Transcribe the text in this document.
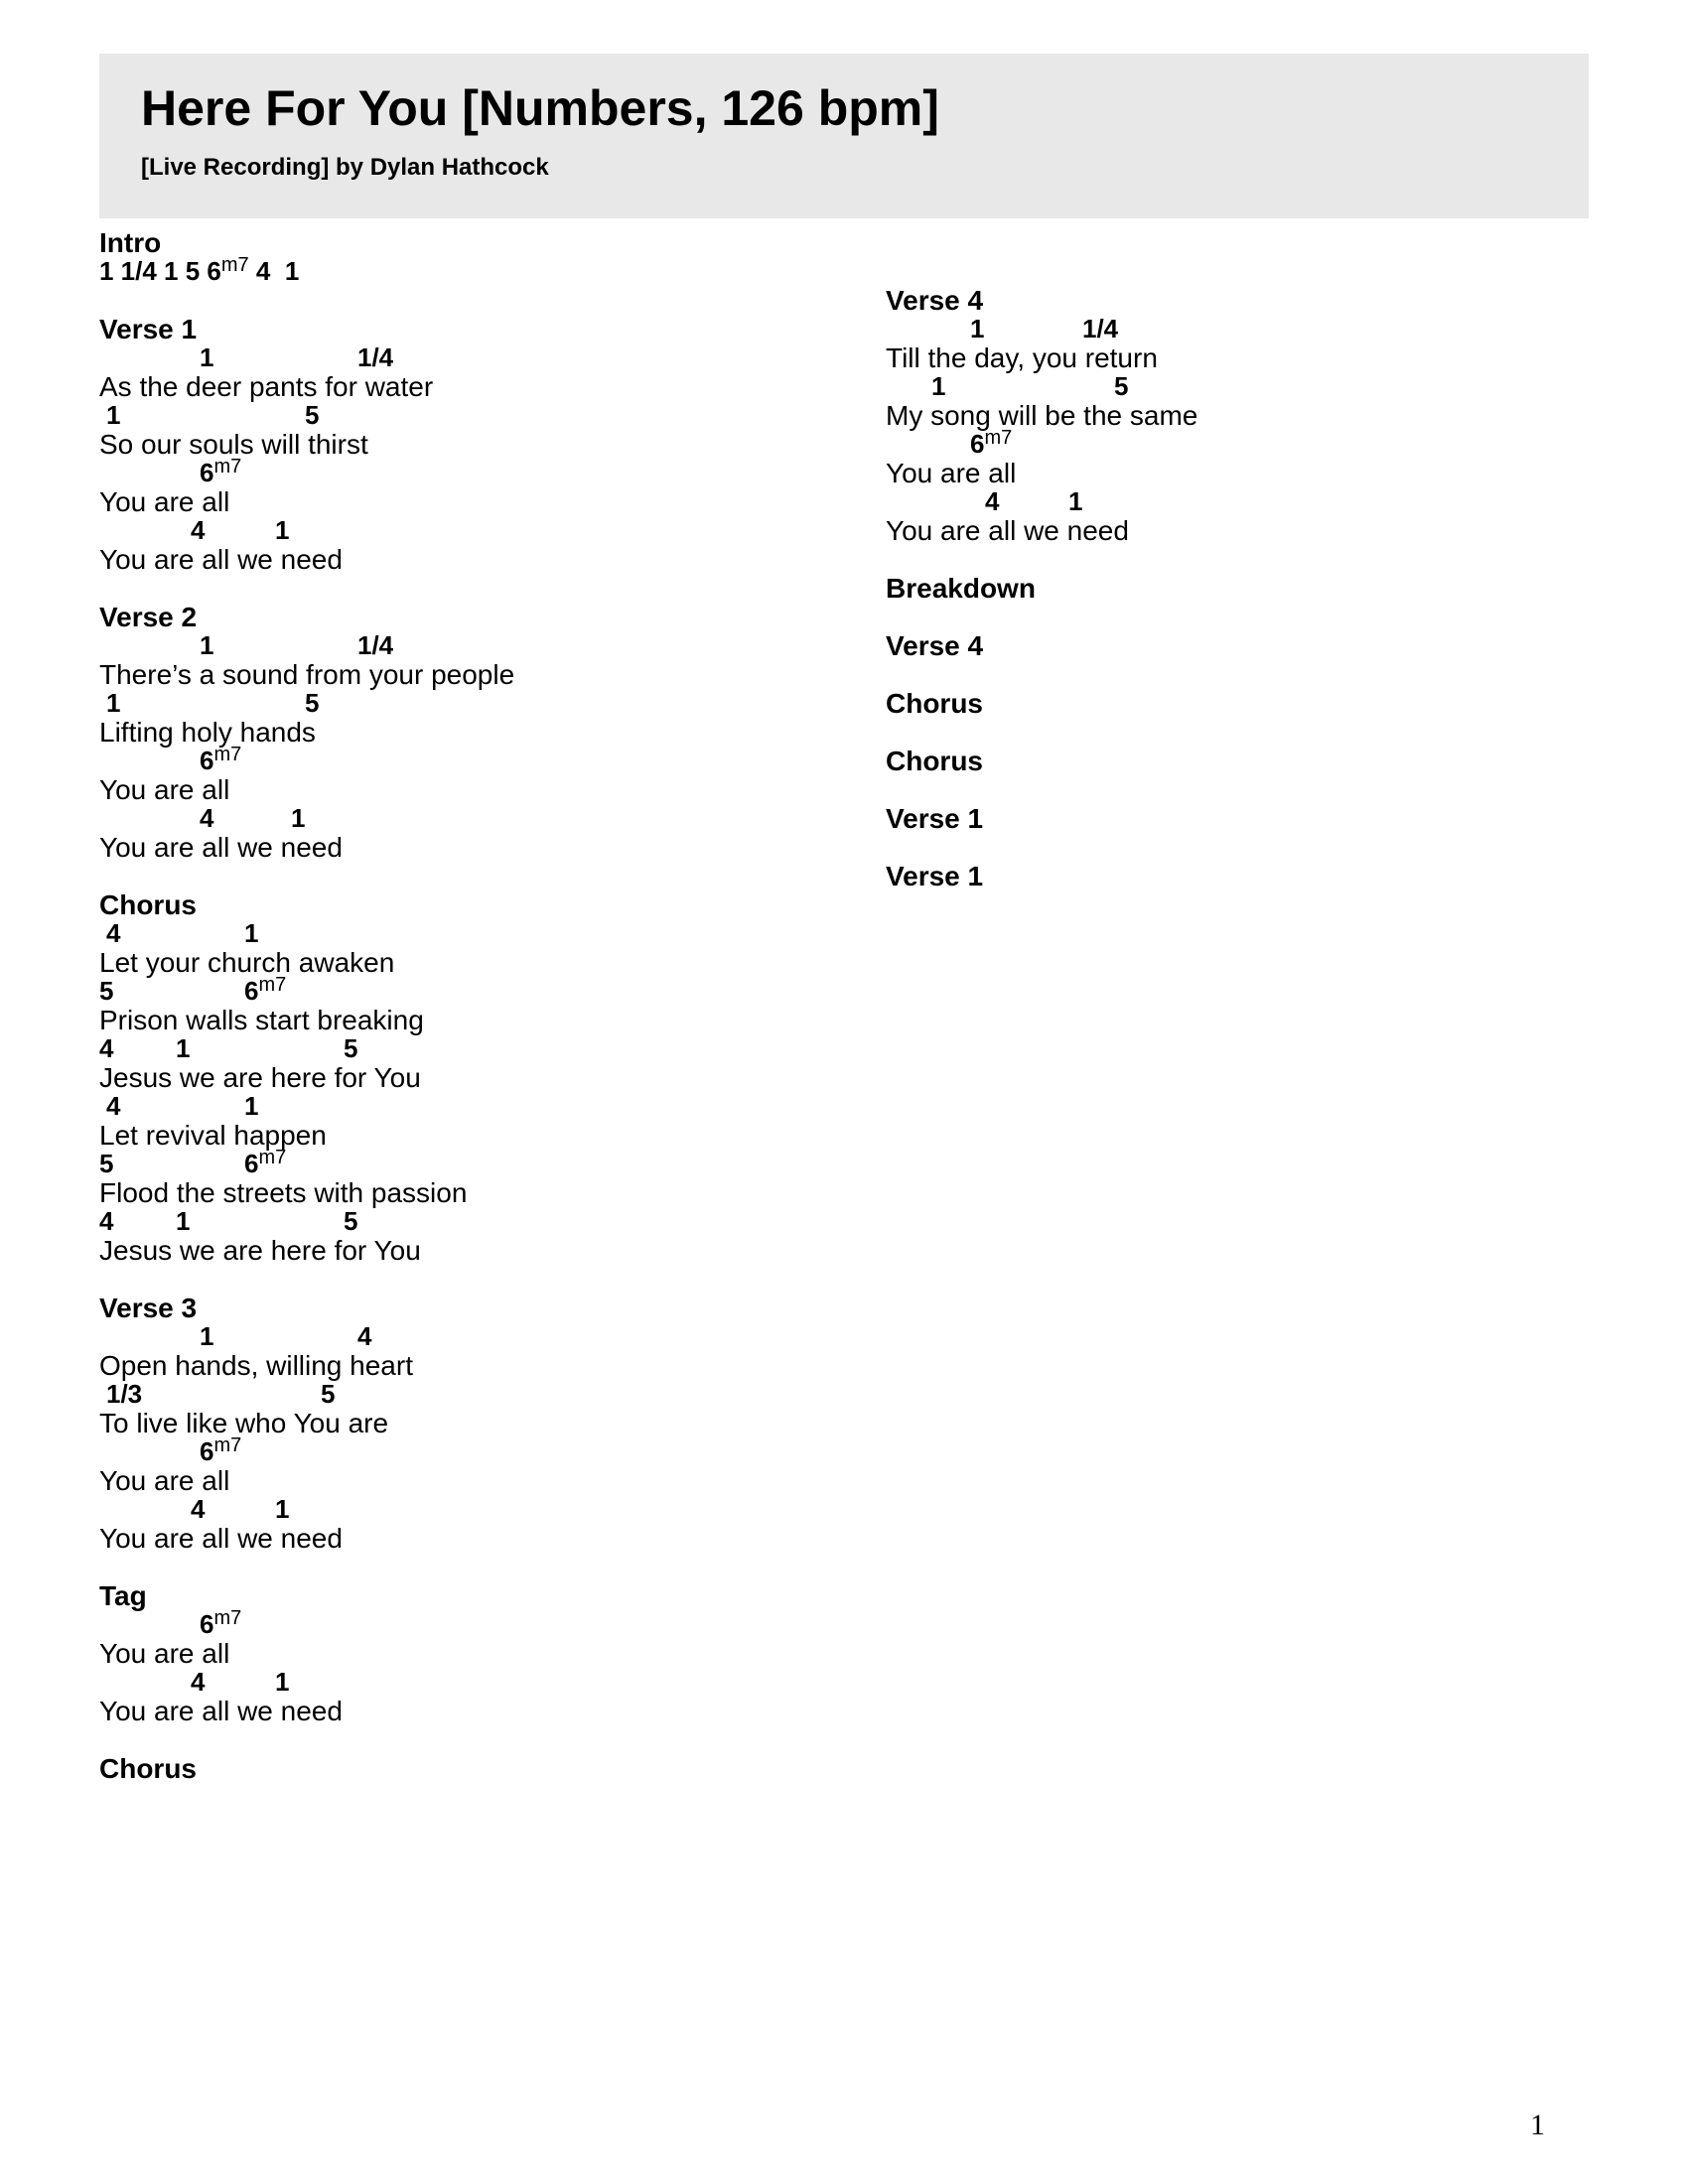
Here For You [Numbers, 126 bpm]
[Live Recording] by Dylan Hathcock
Intro
1 1/4 1 5 $6^{m7}$ 4  1
Verse 1
1	1/4
As the deer pants for water
1	5
So our souls will thirst
$6^{m7}$
You are all
4	1
You are all we need
Verse 2
1	1/4
There’s a sound from your people
1	5
Lifting holy hands
$6^{m7}$
You are all
4	1
You are all we need
Chorus
4	1
Let your church awaken
5	$6^{m7}$
Prison walls start breaking
4 1	5
Jesus we are here for You
4	1
Let revival happen
5	$6^{m7}$
Flood the streets with passion
4 1	5
Jesus we are here for You
Verse 3
1	4
Open hands, willing heart
1/3	5
To live like who You are
$6^{m7}$
You are all
4	1
You are all we need
Tag
$6^{m7}$
You are all
4	1
You are all we need
Chorus
Verse 4
1	1/4
Till the day, you return
1	5
My song will be the same
$6^{m7}$
You are all
4	1
You are all we need
Breakdown
Verse 4
Chorus
Chorus
Verse 1
Verse 1
1
